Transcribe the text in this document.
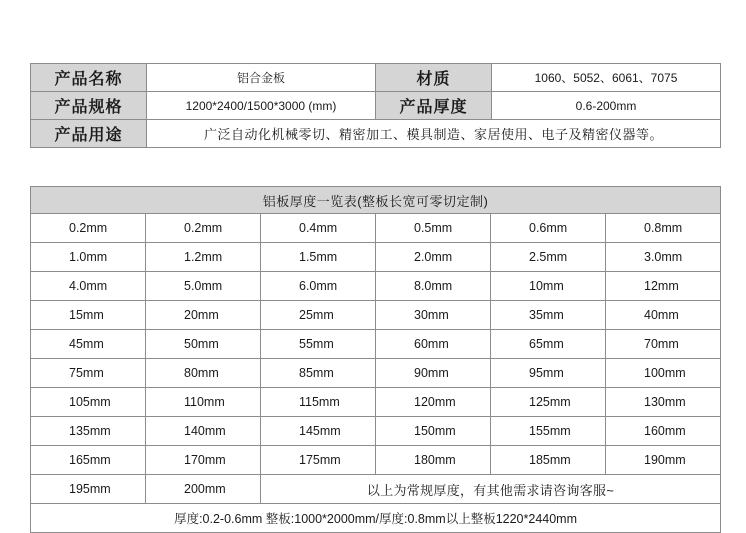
产品名称	铝合金板	材质	1060、5052、6061、7075
产品规格	1200*2400/1500*3000 (mm)	产品厚度	0.6-200mm
产品用途	广泛自动化机械零切、精密加工、模具制造、家居使用、电子及精密仪器等。		
铝板厚度一览表(整板长宽可零切定制)					
0.2mm	0.2mm	0.4mm	0.5mm	0.6mm	0.8mm
1.0mm	1.2mm	1.5mm	2.0mm	2.5mm	3.0mm
4.0mm	5.0mm	6.0mm	8.0mm	10mm	12mm
15mm	20mm	25mm	30mm	35mm	40mm
45mm	50mm	55mm	60mm	65mm	70mm
75mm	80mm	85mm	90mm	95mm	100mm
105mm	110mm	115mm	120mm	125mm	130mm
135mm	140mm	145mm	150mm	155mm	160mm
165mm	170mm	175mm	180mm	185mm	190mm
195mm	200mm	以上为常规厚度，有其他需求请咨询客服~			
厚度:0.2-0.6mm 整板:1000*2000mm/厚度:0.8mm以上整板1220*2440mm					
